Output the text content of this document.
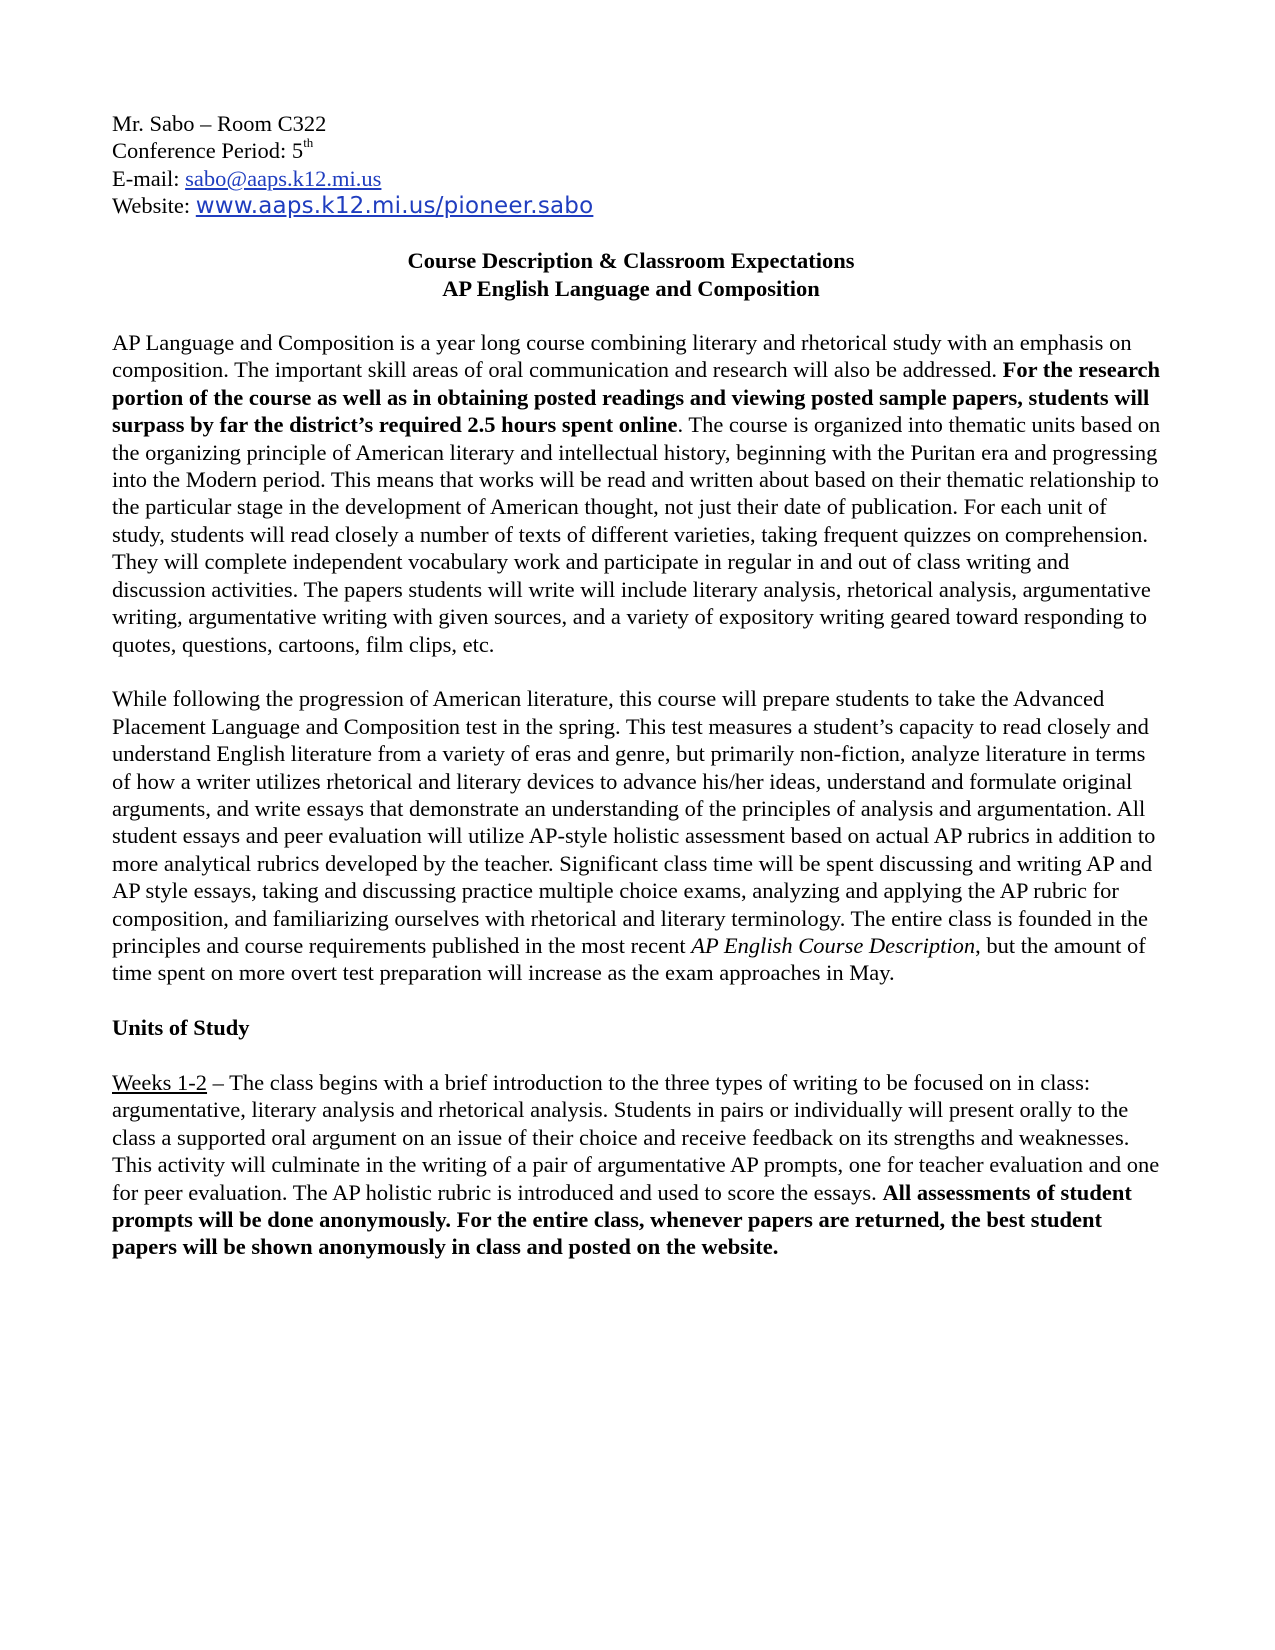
Mr. Sabo – Room C322
Conference Period: 5th
E-mail: sabo@aaps.k12.mi.us
Website: www.aaps.k12.mi.us/pioneer.sabo
Course Description & Classroom Expectations
AP English Language and Composition

AP Language and Composition is a year long course combining literary and rhetorical study with an emphasis on composition. The important skill areas of oral communication and research will also be addressed. For the research portion of the course as well as in obtaining posted readings and viewing posted sample papers, students will surpass by far the district’s required 2.5 hours spent online. The course is organized into thematic units based on the organizing principle of American literary and intellectual history, beginning with the Puritan era and progressing into the Modern period. This means that works will be read and written about based on their thematic relationship to the particular stage in the development of American thought, not just their date of publication. For each unit of study, students will read closely a number of texts of different varieties, taking frequent quizzes on comprehension. They will complete independent vocabulary work and participate in regular in and out of class writing and discussion activities. The papers students will write will include literary analysis, rhetorical analysis, argumentative writing, argumentative writing with given sources, and a variety of expository writing geared toward responding to quotes, questions, cartoons, film clips, etc.

While following the progression of American literature, this course will prepare students to take the Advanced Placement Language and Composition test in the spring. This test measures a student’s capacity to read closely and understand English literature from a variety of eras and genre, but primarily non-fiction, analyze literature in terms of how a writer utilizes rhetorical and literary devices to advance his/her ideas, understand and formulate original arguments, and write essays that demonstrate an understanding of the principles of analysis and argumentation. All student essays and peer evaluation will utilize AP-style holistic assessment based on actual AP rubrics in addition to more analytical rubrics developed by the teacher. Significant class time will be spent discussing and writing AP and AP style essays, taking and discussing practice multiple choice exams, analyzing and applying the AP rubric for composition, and familiarizing ourselves with rhetorical and literary terminology. The entire class is founded in the principles and course requirements published in the most recent AP English Course Description, but the amount of time spent on more overt test preparation will increase as the exam approaches in May.

Units of Study

Weeks 1-2 – The class begins with a brief introduction to the three types of writing to be focused on in class: argumentative, literary analysis and rhetorical analysis. Students in pairs or individually will present orally to the class a supported oral argument on an issue of their choice and receive feedback on its strengths and weaknesses. This activity will culminate in the writing of a pair of argumentative AP prompts, one for teacher evaluation and one for peer evaluation. The AP holistic rubric is introduced and used to score the essays. All assessments of student prompts will be done anonymously. For the entire class, whenever papers are returned, the best student papers will be shown anonymously in class and posted on the website.
